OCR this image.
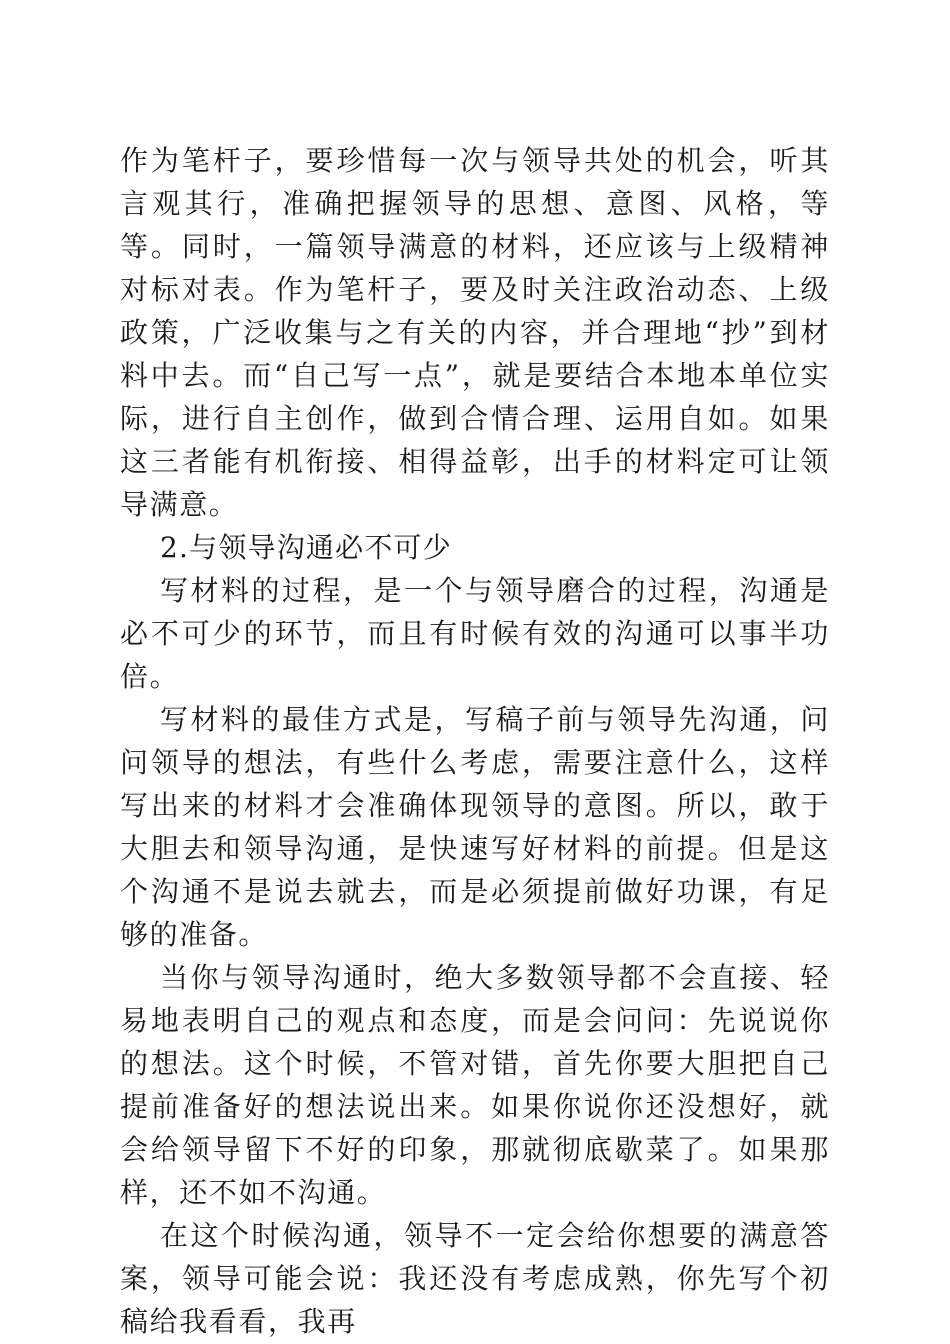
作为笔杆子，要珍惜每一次与领导共处的机会，听其言观其行，准确把握领导的思想、意图、风格，等等。同时，一篇领导满意的材料，还应该与上级精神对标对表。作为笔杆子，要及时关注政治动态、上级政策，广泛收集与之有关的内容，并合理地“抄”到材料中去。而“自己写一点”，就是要结合本地本单位实际，进行自主创作，做到合情合理、运用自如。如果这三者能有机衔接、相得益彰，出手的材料定可让领导满意。

2.与领导沟通必不可少

写材料的过程，是一个与领导磨合的过程，沟通是必不可少的环节，而且有时候有效的沟通可以事半功倍。

写材料的最佳方式是，写稿子前与领导先沟通，问问领导的想法，有些什么考虑，需要注意什么，这样写出来的材料才会准确体现领导的意图。所以，敢于大胆去和领导沟通，是快速写好材料的前提。但是这个沟通不是说去就去，而是必须提前做好功课，有足够的准备。

当你与领导沟通时，绝大多数领导都不会直接、轻易地表明自己的观点和态度，而是会问问：先说说你的想法。这个时候，不管对错，首先你要大胆把自己提前准备好的想法说出来。如果你说你还没想好，就会给领导留下不好的印象，那就彻底歇菜了。如果那样，还不如不沟通。

在这个时候沟通，领导不一定会给你想要的满意答案，领导可能会说：我还没有考虑成熟，你先写个初稿给我看看，我再
